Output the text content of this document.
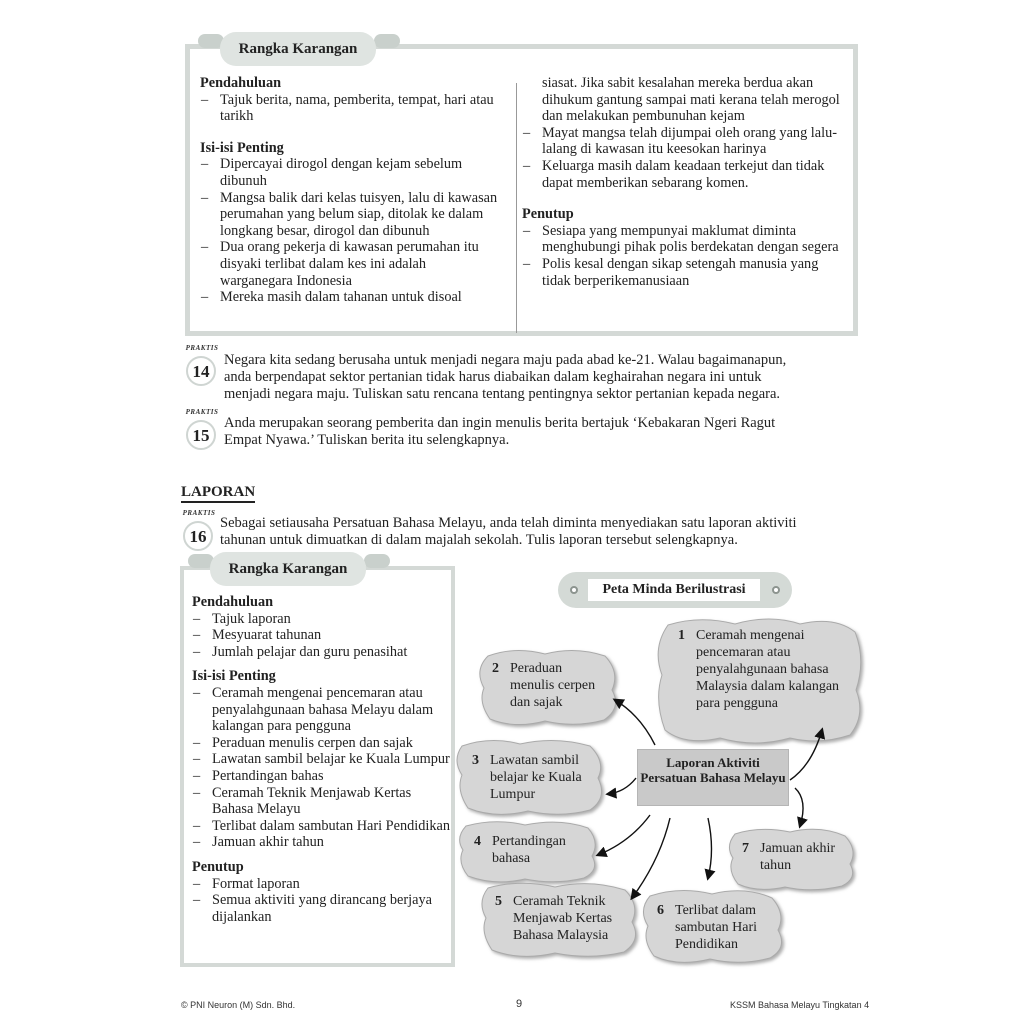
Pendahuluan
– Tajuk berita, nama, pemberita, tempat, hari atau tarikh
Isi-isi Penting
– Dipercayai dirogol dengan kejam sebelum dibunuh
– Mangsa balik dari kelas tuisyen, lalu di kawasan perumahan yang belum siap, ditolak ke dalam longkang besar, dirogol dan dibunuh
– Dua orang pekerja di kawasan perumahan itu disyaki terlibat dalam kes ini adalah warganegara Indonesia
– Mereka masih dalam tahanan untuk disoal
siasat. Jika sabit kesalahan mereka berdua akan dihukum gantung sampai mati kerana telah merogol dan melakukan pembunuhan kejam
– Mayat mangsa telah dijumpai oleh orang yang lalu-lalang di kawasan itu keesokan harinya
– Keluarga masih dalam keadaan terkejut dan tidak dapat memberikan sebarang komen.
Penutup
– Sesiapa yang mempunyai maklumat diminta menghubungi pihak polis berdekatan dengan segera
– Polis kesal dengan sikap setengah manusia yang tidak berperikemanusiaan
Rangka Karangan
PRAKTIS
14
Negara kita sedang berusaha untuk menjadi negara maju pada abad ke-21. Walau bagaimanapun,
anda berpendapat sektor pertanian tidak harus diabaikan dalam keghairahan negara ini untuk
menjadi negara maju. Tuliskan satu rencana tentang pentingnya sektor pertanian kepada negara.
PRAKTIS
15
Anda merupakan seorang pemberita dan ingin menulis berita bertajuk ‘Kebakaran Ngeri Ragut
Empat Nyawa.’ Tuliskan berita itu selengkapnya.
LAPORAN
PRAKTIS
16
Sebagai setiausaha Persatuan Bahasa Melayu, anda telah diminta menyediakan satu laporan aktiviti
tahunan untuk dimuatkan di dalam majalah sekolah. Tulis laporan tersebut selengkapnya.
Pendahuluan
– Tajuk laporan
– Mesyuarat tahunan
– Jumlah pelajar dan guru penasihat
Isi-isi Penting
– Ceramah mengenai pencemaran atau penyalahgunaan bahasa Melayu dalam kalangan para pengguna
– Peraduan menulis cerpen dan sajak
– Lawatan sambil belajar ke Kuala Lumpur
– Pertandingan bahas
– Ceramah Teknik Menjawab Kertas Bahasa Melayu
– Terlibat dalam sambutan Hari Pendidikan
– Jamuan akhir tahun
Penutup
– Format laporan
– Semua aktiviti yang dirancang berjaya dijalankan
Rangka Karangan
Peta Minda Berilustrasi
Laporan Aktiviti Persatuan Bahasa Melayu
1 Ceramah mengenai pencemaran atau penyalahgunaan bahasa Malaysia dalam kalangan para pengguna
2 Peraduan menulis cerpen dan sajak
3 Lawatan sambil belajar ke Kuala Lumpur
4 Pertandingan bahasa
5 Ceramah Teknik Menjawab Kertas Bahasa Malaysia
6 Terlibat dalam sambutan Hari Pendidikan
7 Jamuan akhir tahun
© PNI Neuron (M) Sdn. Bhd.	9	KSSM Bahasa Melayu Tingkatan 4
